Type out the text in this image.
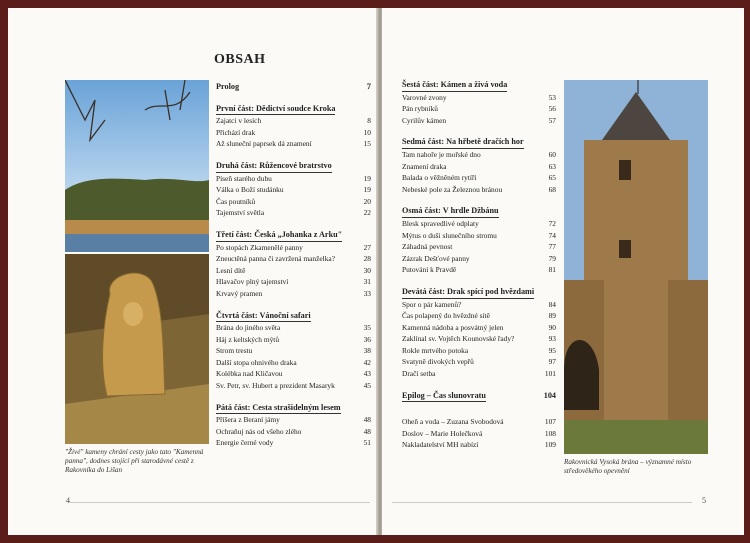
"Živé" kameny chrání cesty jako tato "Kamenná panna", dodnes stojící při starodávné cestě z Rakovníka do Lišan
OBSAH
Prolog	7
První část: Dědictví soudce Kroka
Zajatci v lesích	8
Přichází drak	10
Až sluneční paprsek dá znamení	15
Druhá část: Růžencové bratrstvo
Píseň starého dubu	19
Válka o Boží studánku	19
Čas poutníků	20
Tajemství světla	22
Třetí část: Česká „Johanka z Arku"
Po stopách Zkamenělé panny	27
Zneuctěná panna či zavržená manželka?	28
Lesní dítě	30
Hlavačov plný tajemství	31
Krvavý pramen	33
Čtvrtá část: Vánoční safari
Brána do jiného světa	35
Háj z keltských mýtů	36
Strom trestu	38
Další stopa ohnivého draka	42
Kolébka nad Kličavou	43
Sv. Petr, sv. Hubert a prezident Masaryk	45
Pátá část: Cesta strašidelným lesem
Příšera z Beraní jámy	48
Ochraňuj nás od všeho zlého	48
Energie černé vody	51
4
Šestá část: Kámen a živá voda
Varovné zvony	53
Pán rybníků	56
Cyrilův kámen	57
Sedmá část: Na hřbetě dračích hor
Tam nahoře je mořské dno	60
Znamení draka	63
Balada o věžněném rytíři	65
Nebeské pole za Železnou bránou	68
Osmá část: V hrdle Džbánu
Blesk spravedlivé odplaty	72
Mýtus o duši slunečního stromu	74
Záhadná pevnost	77
Zázrak Dešťové panny	79
Putování k Pravdě	81
Devátá část: Drak spící pod hvězdami
Spor o pár kamenů?	84
Čas polapený do hvězdné sítě	89
Kamenná nádoba a posvátný jelen	90
Zaklínal sv. Vojtěch Kounovské řady?	93
Rokle mrtvého potoka	95
Svatyně divokých vepřů	97
Dračí setba	101
Epilog – Čas slunovratu	104
Oheň a voda – Zuzana Svobodová	107
Doslov – Marie Holečková	108
Nakladatelství MH nabízí	109
Rakovnická Vysoká brána – významné místo středověkého opevnění
5
